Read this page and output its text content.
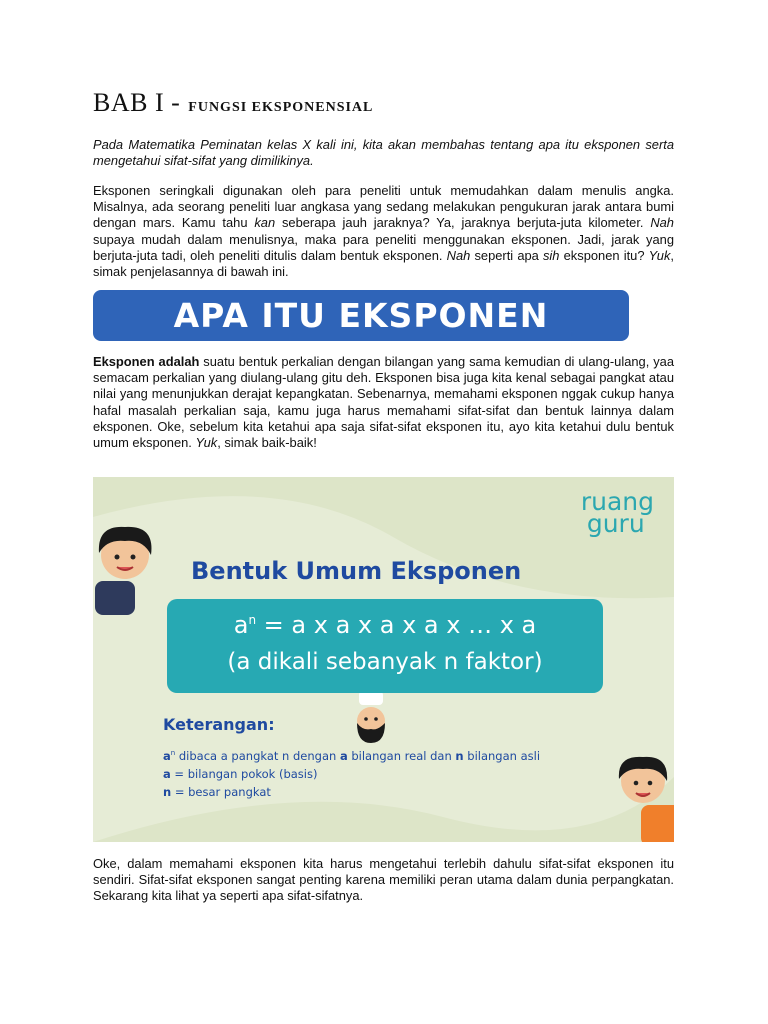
BAB I - FUNGSI EKSPONENSIAL

Pada Matematika Peminatan kelas X kali ini, kita akan membahas tentang apa itu eksponen serta mengetahui sifat-sifat yang dimilikinya.

Eksponen seringkali digunakan oleh para peneliti untuk memudahkan dalam menulis angka. Misalnya, ada seorang peneliti luar angkasa yang sedang melakukan pengukuran jarak antara bumi dengan mars. Kamu tahu kan seberapa jauh jaraknya? Ya, jaraknya berjuta-juta kilometer. Nah supaya mudah dalam menulisnya, maka para peneliti menggunakan eksponen. Jadi, jarak yang berjuta-juta tadi, oleh peneliti ditulis dalam bentuk eksponen. Nah seperti apa sih eksponen itu? Yuk, simak penjelasannya di bawah ini.

APA ITU EKSPONEN

Eksponen adalah suatu bentuk perkalian dengan bilangan yang sama kemudian di ulang-ulang, yaa semacam perkalian yang diulang-ulang gitu deh. Eksponen bisa juga kita kenal sebagai pangkat atau nilai yang menunjukkan derajat kepangkatan. Sebenarnya, memahami eksponen nggak cukup hanya hafal masalah perkalian saja, kamu juga harus memahami sifat-sifat dan bentuk lainnya dalam eksponen. Oke, sebelum kita ketahui apa saja sifat-sifat eksponen itu, ayo kita ketahui dulu bentuk umum eksponen. Yuk, simak baik-baik!

ruang
guru
Bentuk Umum Eksponen
$a^n = a$ x a x a x a x … x a
(a dikali sebanyak n faktor)
Keterangan:
$a^n$ dibaca a pangkat n dengan a bilangan real dan n bilangan asli
a = bilangan pokok (basis)
n = besar pangkat

Oke, dalam memahami eksponen kita harus mengetahui terlebih dahulu sifat-sifat eksponen itu sendiri. Sifat-sifat eksponen sangat penting karena memiliki peran utama dalam dunia perpangkatan. Sekarang kita lihat ya seperti apa sifat-sifatnya.
